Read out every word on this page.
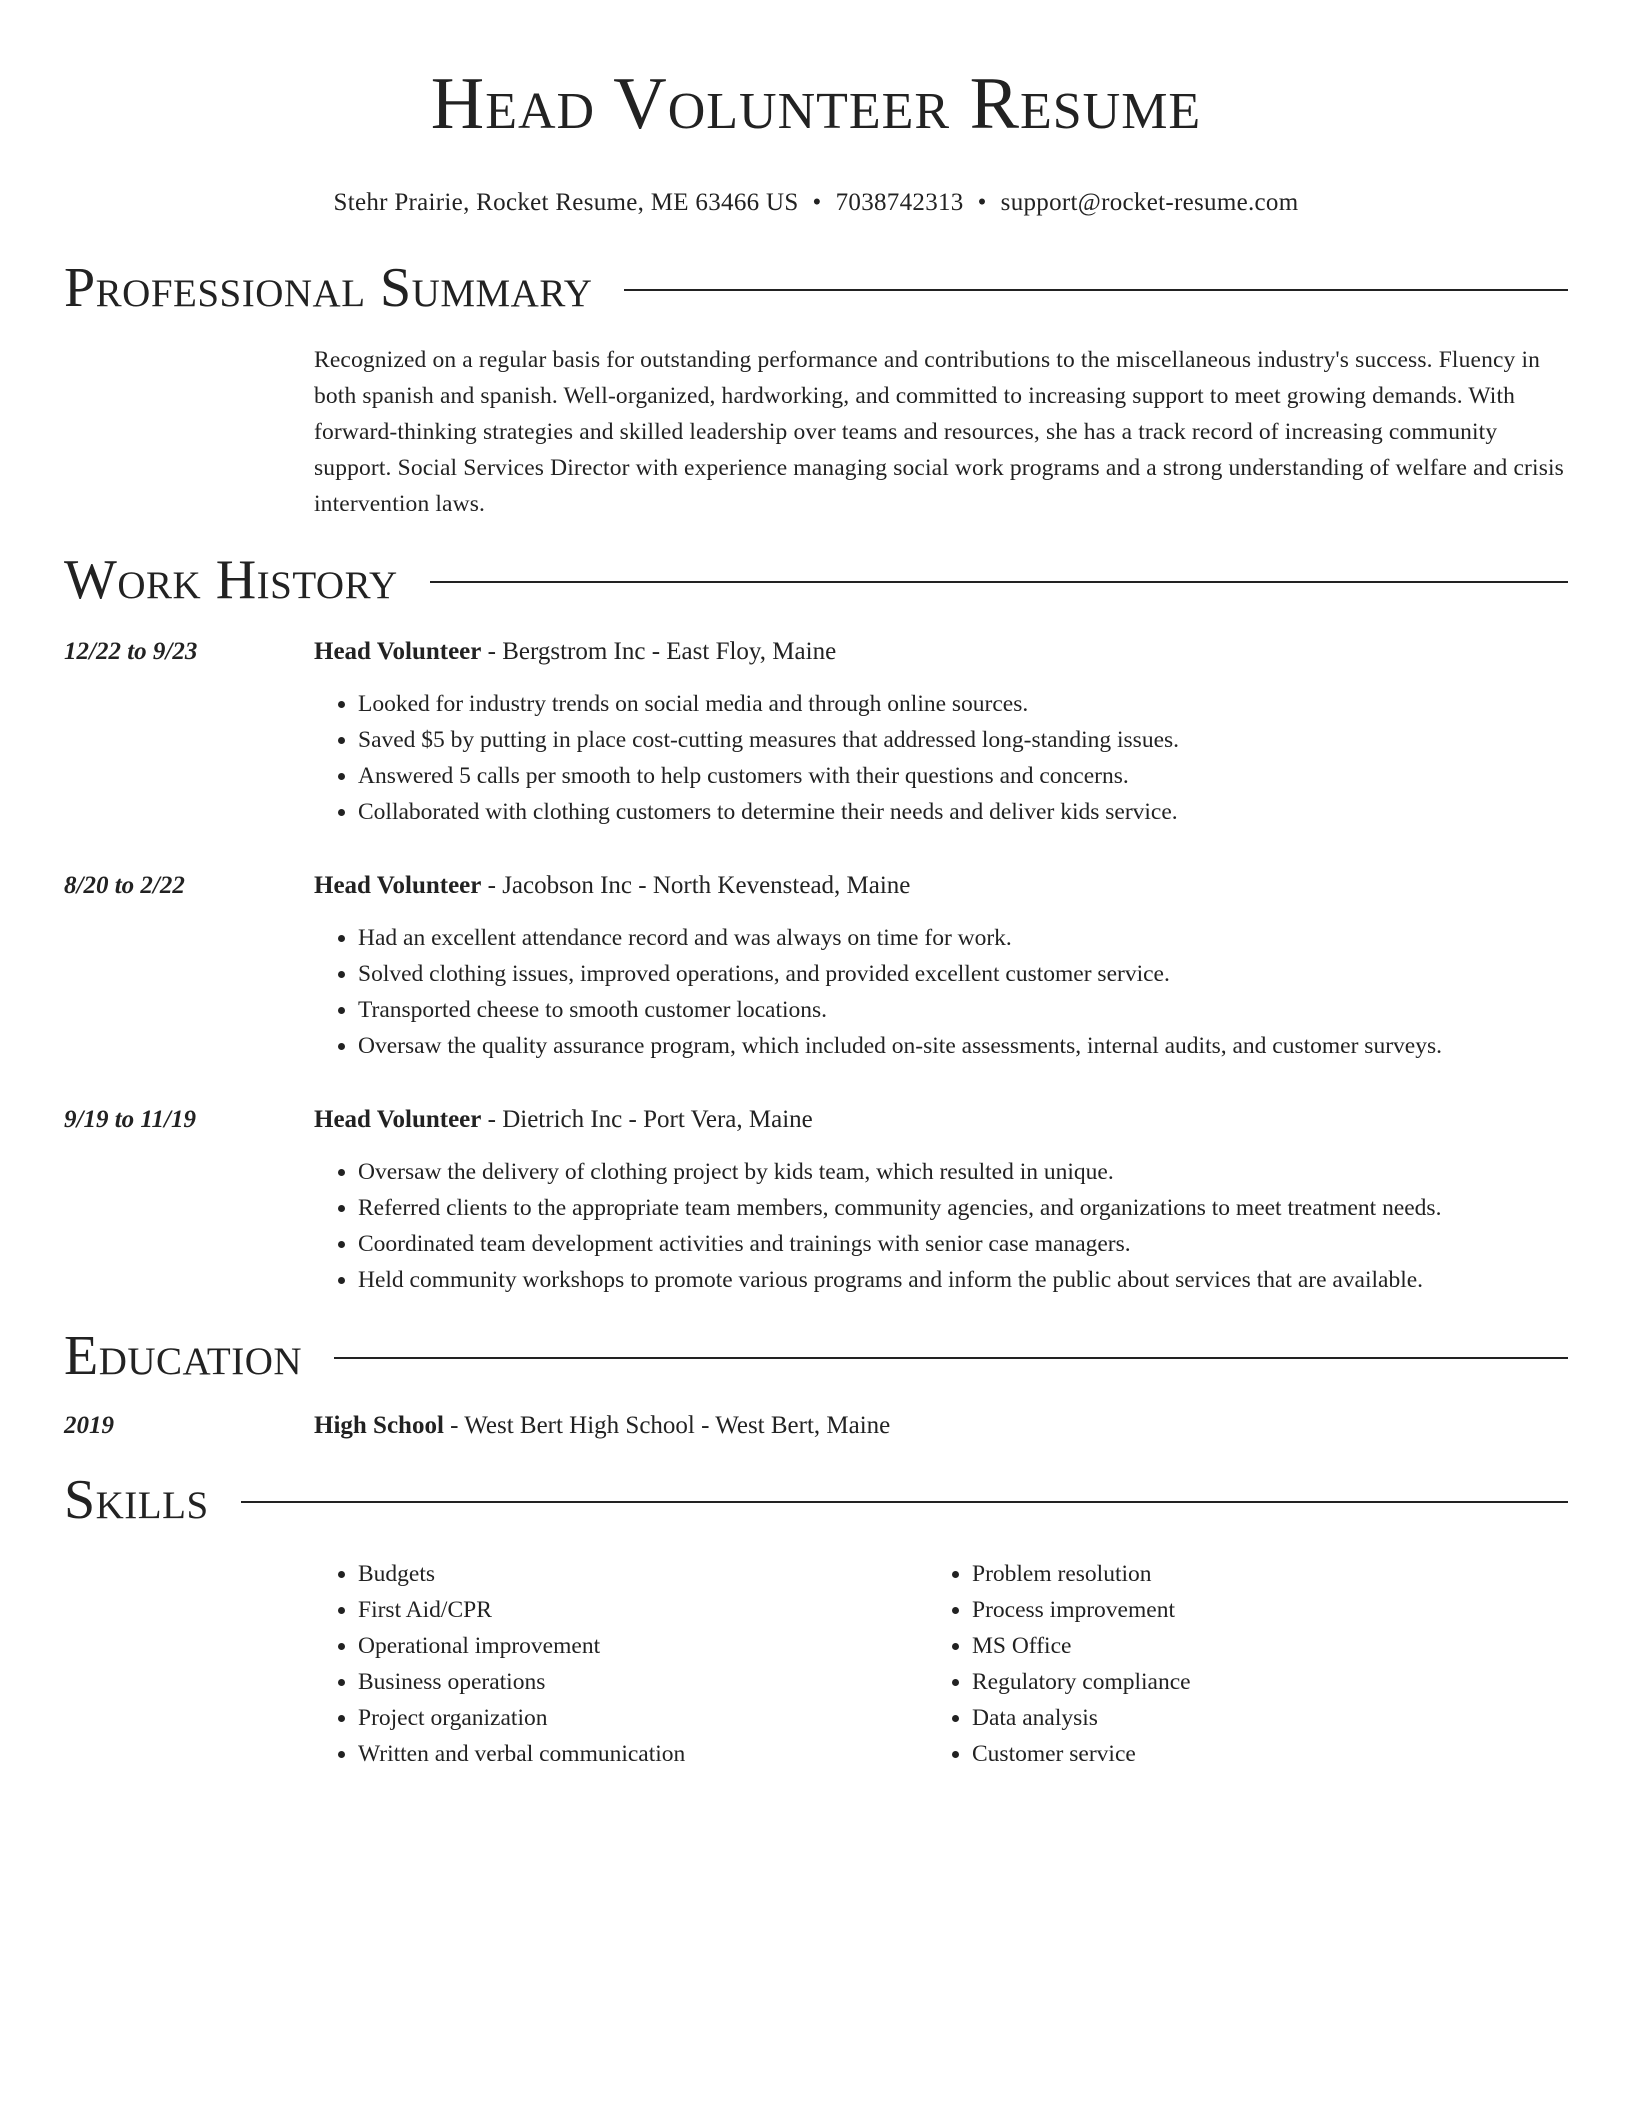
Head Volunteer Resume
Stehr Prairie, Rocket Resume, ME 63466 US • 7038742313 • support@rocket-resume.com
Professional Summary
Recognized on a regular basis for outstanding performance and contributions to the miscellaneous industry's success. Fluency in both spanish and spanish. Well-organized, hardworking, and committed to increasing support to meet growing demands. With forward-thinking strategies and skilled leadership over teams and resources, she has a track record of increasing community support. Social Services Director with experience managing social work programs and a strong understanding of welfare and crisis intervention laws.
Work History
12/22 to 9/23	Head Volunteer - Bergstrom Inc - East Floy, Maine
• Looked for industry trends on social media and through online sources.
• Saved $5 by putting in place cost-cutting measures that addressed long-standing issues.
• Answered 5 calls per smooth to help customers with their questions and concerns.
• Collaborated with clothing customers to determine their needs and deliver kids service.
8/20 to 2/22	Head Volunteer - Jacobson Inc - North Kevenstead, Maine
• Had an excellent attendance record and was always on time for work.
• Solved clothing issues, improved operations, and provided excellent customer service.
• Transported cheese to smooth customer locations.
• Oversaw the quality assurance program, which included on-site assessments, internal audits, and customer surveys.
9/19 to 11/19	Head Volunteer - Dietrich Inc - Port Vera, Maine
• Oversaw the delivery of clothing project by kids team, which resulted in unique.
• Referred clients to the appropriate team members, community agencies, and organizations to meet treatment needs.
• Coordinated team development activities and trainings with senior case managers.
• Held community workshops to promote various programs and inform the public about services that are available.
Education
2019	High School - West Bert High School - West Bert, Maine
Skills
• Budgets
• First Aid/CPR
• Operational improvement
• Business operations
• Project organization
• Written and verbal communication
• Problem resolution
• Process improvement
• MS Office
• Regulatory compliance
• Data analysis
• Customer service
